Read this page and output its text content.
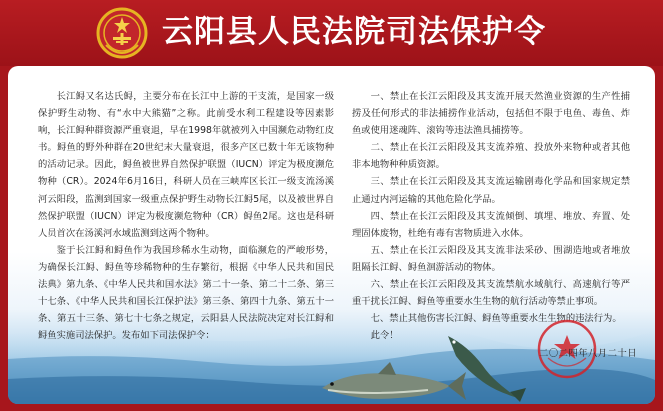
云阳县人民法院司法保护令

长江鲟又名达氏鲟，主要分布在长江中上游的干支流，是国家一级保护野生动物、有“水中大熊猫”之称。此前受水利工程建设等因素影响，长江鲟种群资源严重衰退，早在1998年就被列入中国濒危动物红皮书。鲟鱼的野外种群在20世纪末大量衰退，很多产区已数十年无该物种的活动记录。因此，鲟鱼被世界自然保护联盟（IUCN）评定为极度濒危物种（CR）。2024年6月16日，科研人员在三峡库区长江一级支流汤溪河云阳段，监测到国家一级重点保护野生动物长江鲟5尾，以及被世界自然保护联盟（IUCN）评定为极度濒危物种（CR）鲟鱼2尾。这也是科研人员首次在汤溪河水域监测到这两个物种。

鉴于长江鲟和鲟鱼作为我国珍稀水生动物，面临濒危的严峻形势，为确保长江鲟、鲟鱼等珍稀物种的生存繁衍，根据《中华人民共和国民法典》第九条、《中华人民共和国水法》第二十一条、第二十二条、第三十七条、《中华人民共和国长江保护法》第三条、第四十九条、第五十一条、第五十三条、第七十七条之规定，云阳县人民法院决定对长江鲟和鲟鱼实施司法保护。发布如下司法保护令：

一、禁止在长江云阳段及其支流开展天然渔业资源的生产性捕捞及任何形式的非法捕捞作业活动，包括但不限于电鱼、毒鱼、炸鱼或使用迷魂阵、滚钩等违法渔具捕捞等。

二、禁止在长江云阳段及其支流养殖、投放外来物种或者其他非本地物种种质资源。

三、禁止在长江云阳段及其支流运输剧毒化学品和国家规定禁止通过内河运输的其他危险化学品。

四、禁止在长江云阳段及其支流倾倒、填埋、堆放、弃置、处理固体废物，杜绝有毒有害物质进入水体。

五、禁止在长江云阳段及其支流非法采砂、围湖造地或者堆放阻隔长江鲟、鲟鱼洄游活动的物体。

六、禁止在长江云阳段及其支流禁航水域航行、高速航行等严重干扰长江鲟、鲟鱼等重要水生生物的航行活动等禁止事项。

七、禁止其他伤害长江鲟、鲟鱼等重要水生生物的违法行为。

此令！

二〇二四年八月二十日
